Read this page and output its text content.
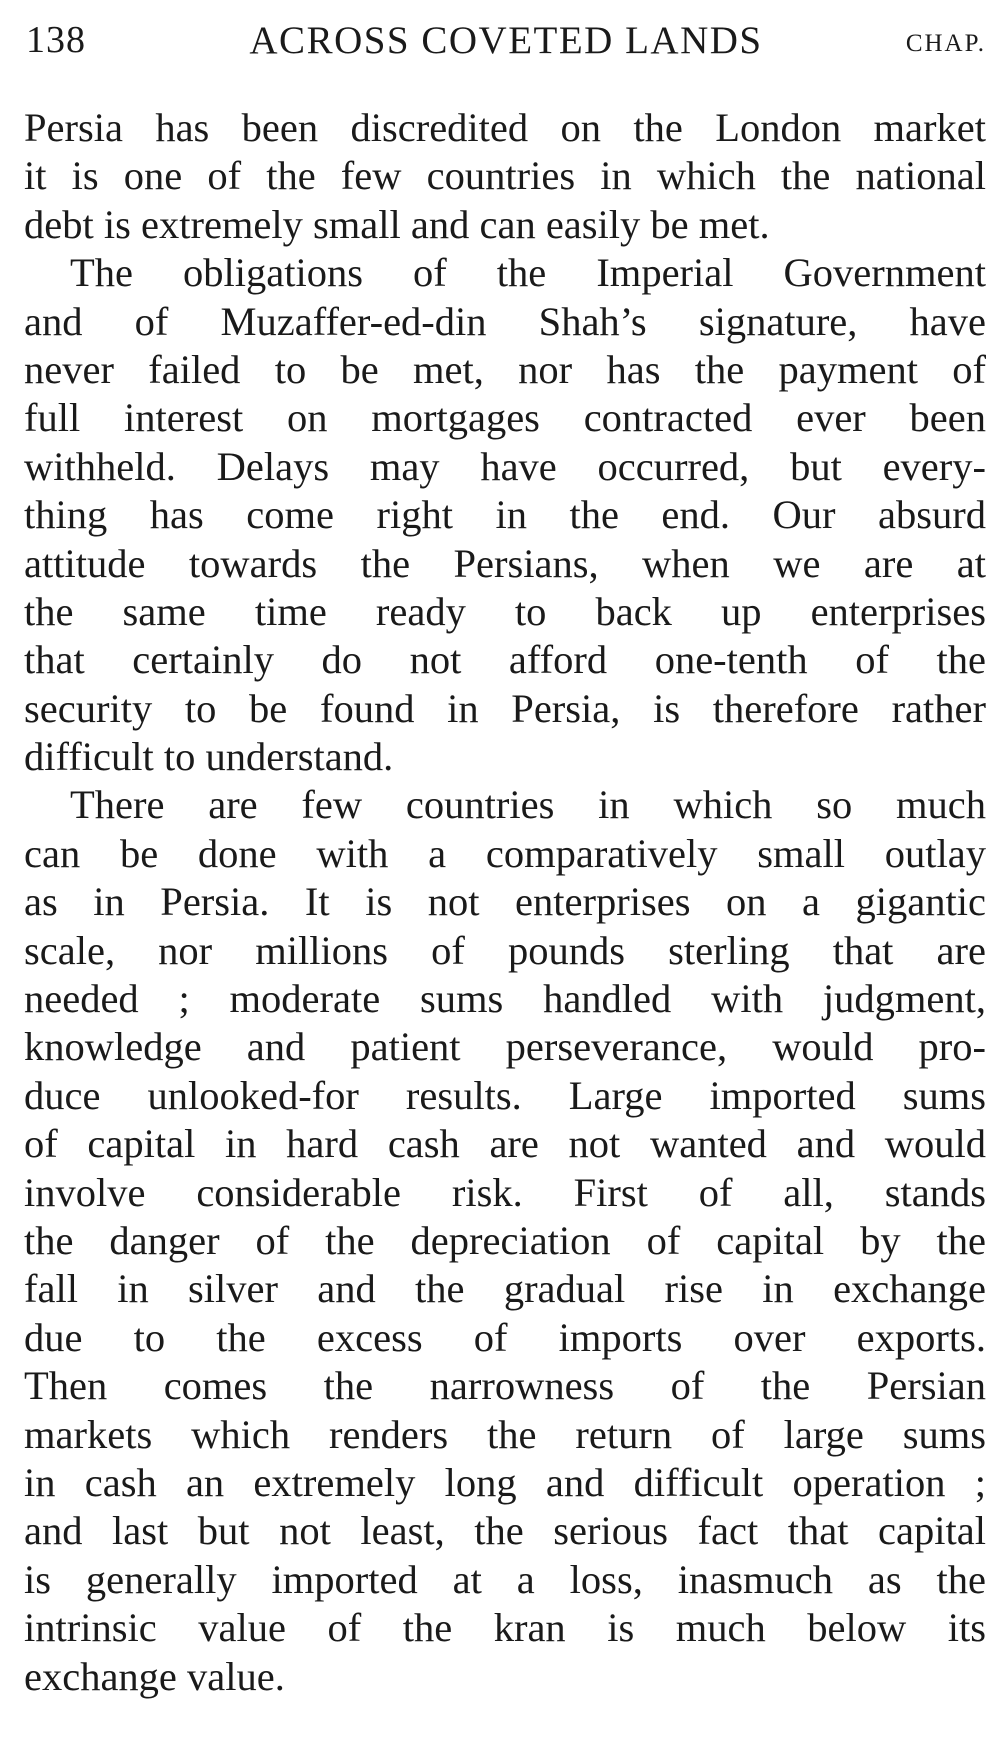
138	ACROSS COVETED LANDS	CHAP.
Persia has been discredited on the London market
it is one of the few countries in which the national
debt is extremely small and can easily be met.
The obligations of the Imperial Government
and of Muzaffer-ed-din Shah’s signature, have
never failed to be met, nor has the payment of
full interest on mortgages contracted ever been
withheld. Delays may have occurred, but every-
thing has come right in the end. Our absurd
attitude towards the Persians, when we are at
the same time ready to back up enterprises
that certainly do not afford one-tenth of the
security to be found in Persia, is therefore rather
difficult to understand.
There are few countries in which so much
can be done with a comparatively small outlay
as in Persia. It is not enterprises on a gigantic
scale, nor millions of pounds sterling that are
needed ; moderate sums handled with judgment,
knowledge and patient perseverance, would pro-
duce unlooked-for results. Large imported sums
of capital in hard cash are not wanted and would
involve considerable risk. First of all, stands
the danger of the depreciation of capital by the
fall in silver and the gradual rise in exchange
due to the excess of imports over exports.
Then comes the narrowness of the Persian
markets which renders the return of large sums
in cash an extremely long and difficult operation ;
and last but not least, the serious fact that capital
is generally imported at a loss, inasmuch as the
intrinsic value of the kran is much below its
exchange value.
